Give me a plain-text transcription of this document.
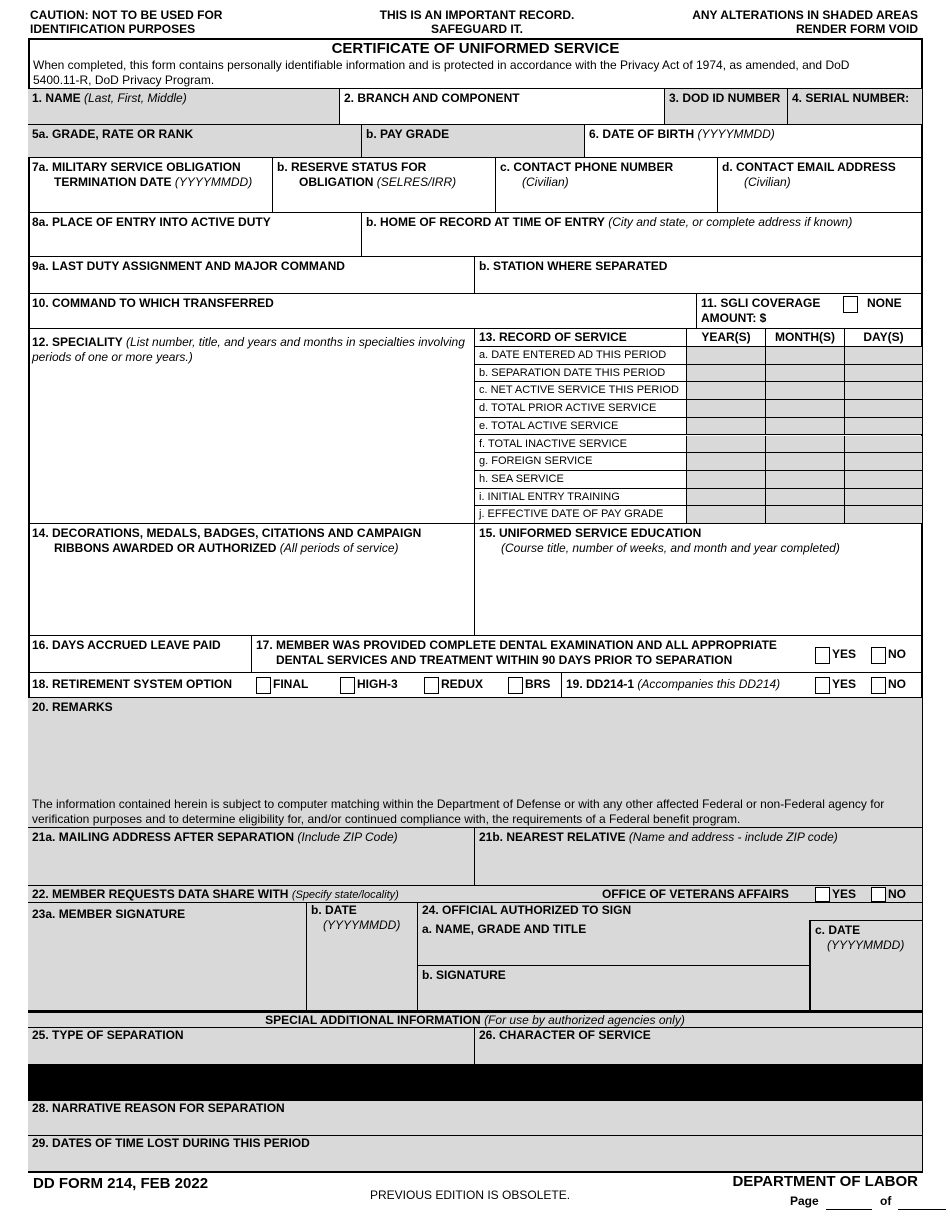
CAUTION: NOT TO BE USED FOR
IDENTIFICATION PURPOSES
THIS IS AN IMPORTANT RECORD.
SAFEGUARD IT.
ANY ALTERATIONS IN SHADED AREAS
RENDER FORM VOID
CERTIFICATE OF UNIFORMED SERVICE
When completed, this form contains personally identifiable information and is protected in accordance with the Privacy Act of 1974, as amended, and DoD 5400.11-R, DoD Privacy Program.
1. NAME (Last, First, Middle)	2. BRANCH AND COMPONENT	3. DOD ID NUMBER 4. SERIAL NUMBER:
5a. GRADE, RATE OR RANK	b. PAY GRADE	6. DATE OF BIRTH (YYYYMMDD)
7a. MILITARY SERVICE OBLIGATION
TERMINATION DATE (YYYYMMDD)
b. RESERVE STATUS FOR
OBLIGATION (SELRES/IRR)
c. CONTACT PHONE NUMBER
(Civilian)
d. CONTACT EMAIL ADDRESS
(Civilian)
8a. PLACE OF ENTRY INTO ACTIVE DUTY	b. HOME OF RECORD AT TIME OF ENTRY (City and state, or complete address if known)
9a. LAST DUTY ASSIGNMENT AND MAJOR COMMAND	b. STATION WHERE SEPARATED
10. COMMAND TO WHICH TRANSFERRED	11. SGLI COVERAGE
AMOUNT: $
NONE
12. SPECIALITY (List number, title, and years and months in specialties involving periods of one or more years.)
13. RECORD OF SERVICE	YEAR(S)	MONTH(S)	DAY(S)
a. DATE ENTERED AD THIS PERIOD
b. SEPARATION DATE THIS PERIOD
c. NET ACTIVE SERVICE THIS PERIOD
d. TOTAL PRIOR ACTIVE SERVICE
e. TOTAL ACTIVE SERVICE
f. TOTAL INACTIVE SERVICE
g. FOREIGN SERVICE
h. SEA SERVICE
i. INITIAL ENTRY TRAINING
j. EFFECTIVE DATE OF PAY GRADE
14. DECORATIONS, MEDALS, BADGES, CITATIONS AND CAMPAIGN
RIBBONS AWARDED OR AUTHORIZED (All periods of service)
15. UNIFORMED SERVICE EDUCATION
(Course title, number of weeks, and month and year completed)
16. DAYS ACCRUED LEAVE PAID	17. MEMBER WAS PROVIDED COMPLETE DENTAL EXAMINATION AND ALL APPROPRIATE
DENTAL SERVICES AND TREATMENT WITHIN 90 DAYS PRIOR TO SEPARATION	YES	NO
18. RETIREMENT SYSTEM OPTION	FINAL	HIGH-3	REDUX	BRS	19. DD214-1 (Accompanies this DD214)	YES	NO
20. REMARKS
The information contained herein is subject to computer matching within the Department of Defense or with any other affected Federal or non-Federal agency for verification purposes and to determine eligibility for, and/or continued compliance with, the requirements of a Federal benefit program.
21a. MAILING ADDRESS AFTER SEPARATION (Include ZIP Code)	21b. NEAREST RELATIVE (Name and address - include ZIP code)
22. MEMBER REQUESTS DATA SHARE WITH (Specify state/locality)	OFFICE OF VETERANS AFFAIRS	YES	NO
23a. MEMBER SIGNATURE	b. DATE
(YYYYMMDD)
24. OFFICIAL AUTHORIZED TO SIGN
a. NAME, GRADE AND TITLE
b. SIGNATURE
c. DATE
(YYYYMMDD)
SPECIAL ADDITIONAL INFORMATION (For use by authorized agencies only)
25. TYPE OF SEPARATION	26. CHARACTER OF SERVICE
28. NARRATIVE REASON FOR SEPARATION
29. DATES OF TIME LOST DURING THIS PERIOD
DD FORM 214, FEB 2022
PREVIOUS EDITION IS OBSOLETE.
DEPARTMENT OF LABOR
Page	of
